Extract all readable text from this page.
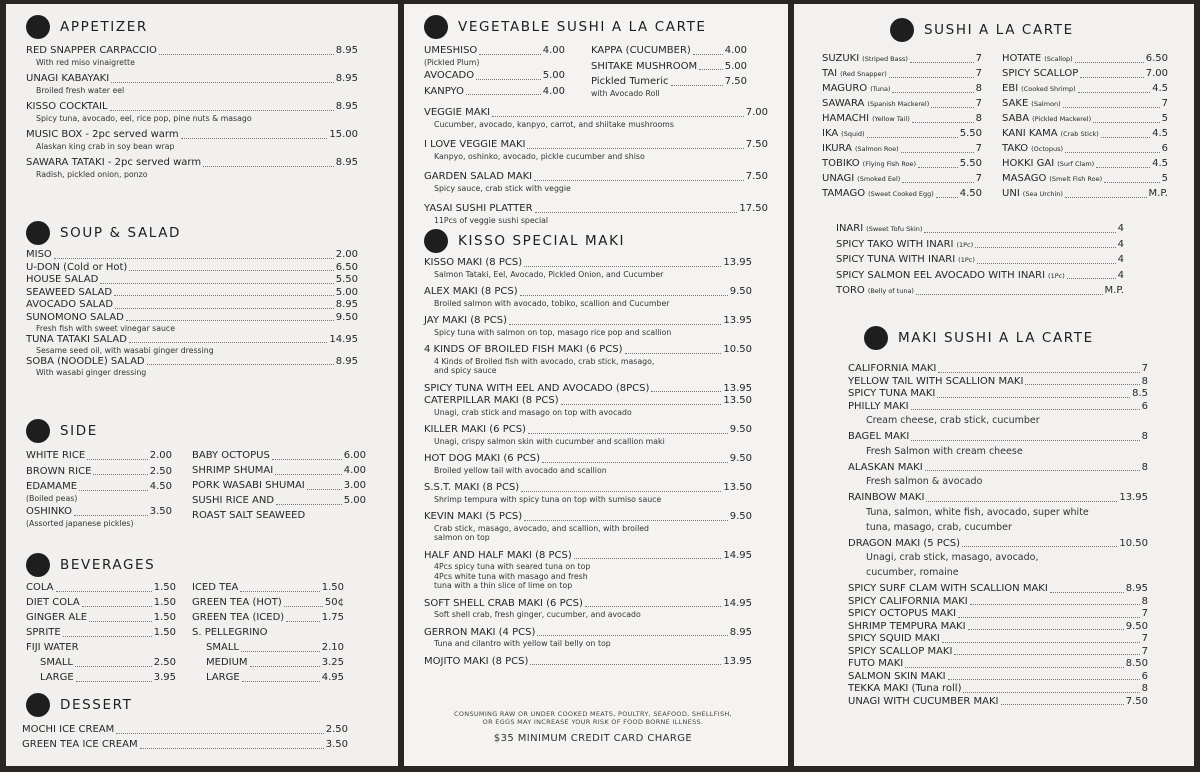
APPETIZER
RED SNAPPER CARPACCIO	8.95
With red miso vinaigrette
UNAGI KABAYAKI	8.95
Broiled fresh water eel
KISSO COCKTAIL	8.95
Spicy tuna, avocado, eel, rice pop, pine nuts & masago
MUSIC BOX - 2pc served warm	15.00
Alaskan king crab in soy bean wrap
SAWARA TATAKI - 2pc served warm	8.95
Radish, pickled onion, ponzo
SOUP & SALAD
MISO	2.00
U-DON (Cold or Hot)	6.50
HOUSE SALAD	5.50
SEAWEED SALAD	5.00
AVOCADO SALAD	8.95
SUNOMONO SALAD	9.50
Fresh fish with sweet vinegar sauce
TUNA TATAKI SALAD	14.95
Sesame seed oil, with wasabi ginger dressing
SOBA (NOODLE) SALAD	8.95
With wasabi ginger dressing
SIDE
WHITE RICE	2.00
BROWN RICE	2.50
EDAMAME	4.50
(Boiled peas)
OSHINKO	3.50
(Assorted japanese pickles)
BABY OCTOPUS	6.00
SHRIMP SHUMAI	4.00
PORK WASABI SHUMAI	3.00
SUSHI RICE AND	5.00
ROAST SALT SEAWEED
BEVERAGES
COLA	1.50
DIET COLA	1.50
GINGER ALE	1.50
SPRITE	1.50
FIJI WATER
SMALL	2.50
LARGE	3.95
ICED TEA	1.50
GREEN TEA (HOT)	50¢
GREEN TEA (ICED)	1.75
S. PELLEGRINO
SMALL	2.10
MEDIUM	3.25
LARGE	4.95
DESSERT
MOCHI ICE CREAM	2.50
GREEN TEA ICE CREAM	3.50
VEGETABLE SUSHI A LA CARTE
UMESHISO	4.00
(Pickled Plum)
AVOCADO	5.00
KANPYO	4.00
KAPPA (CUCUMBER)	4.00
SHITAKE MUSHROOM	5.00
Pickled Tumeric	7.50
with Avocado Roll
VEGGIE MAKI	7.00
Cucumber, avocado, kanpyo, carrot, and shiitake mushrooms
I LOVE VEGGIE MAKI	7.50
Kanpyo, oshinko, avocado, pickle cucumber and shiso
GARDEN SALAD MAKI	7.50
Spicy sauce, crab stick with veggie
YASAI SUSHI PLATTER	17.50
11Pcs of veggie sushi special
KISSO SPECIAL MAKI
KISSO MAKI (8 PCS)	13.95
Salmon Tataki, Eel, Avocado, Pickled Onion, and Cucumber
ALEX MAKI (8 PCS)	9.50
Broiled salmon with avocado, tobiko, scallion and Cucumber
JAY MAKI (8 PCS)	13.95
Spicy tuna with salmon on top, masago rice pop and scallion
4 KINDS OF BROILED FISH MAKI (6 PCS)	10.50
4 Kinds of Broiled fish with avocado, crab stick, masago,
and spicy sauce
SPICY TUNA WITH EEL AND AVOCADO (8PCS)	13.95
CATERPILLAR MAKI (8 PCS)	13.50
Unagi, crab stick and masago on top with avocado
KILLER MAKI (6 PCS)	9.50
Unagi, crispy salmon skin with cucumber and scallion maki
HOT DOG MAKI (6 PCS)	9.50
Broiled yellow tail with avocado and scallion
S.S.T. MAKI (8 PCS)	13.50
Shrimp tempura with spicy tuna on top with sumiso sauce
KEVIN MAKI (5 PCS)	9.50
Crab stick, masago, avocado, and scallion, with broiled
salmon on top
HALF AND HALF MAKI (8 PCS)	14.95
4Pcs spicy tuna with seared tuna on top
4Pcs white tuna with masago and fresh
tuna with a thin slice of lime on top
SOFT SHELL CRAB MAKI (6 PCS)	14.95
Soft shell crab, fresh ginger, cucumber, and avocado
GERRON MAKI (4 PCS)	8.95
Tuna and cilantro with yellow tail belly on top
MOJITO MAKI (8 PCS)	13.95
CONSUMING RAW OR UNDER COOKED MEATS, POULTRY, SEAFOOD, SHELLFISH,
OR EGGS MAY INCREASE YOUR RISK OF FOOD BORNE ILLNESS.
$35 MINIMUM CREDIT CARD CHARGE
SUSHI A LA CARTE
SUZUKI (Striped Bass)	7
TAI (Red Snapper)	7
MAGURO (Tuna)	8
SAWARA (Spanish Mackerel)	7
HAMACHI (Yellow Tail)	8
IKA (Squid)	5.50
IKURA (Salmon Roe)	7
TOBIKO (Flying Fish Roe)	5.50
UNAGI (Smoked Eel)	7
TAMAGO (Sweet Cooked Egg)	4.50
HOTATE (Scallop)	6.50
SPICY SCALLOP	7.00
EBI (Cooked Shrimp)	4.5
SAKE (Salmon)	7
SABA (Pickled Mackerel)	5
KANI KAMA (Crab Stick)	4.5
TAKO (Octopus)	6
HOKKI GAI (Surf Clam)	4.5
MASAGO (Smelt Fish Roe)	5
UNI (Sea Urchin)	M.P.
INARI (Sweet Tofu Skin)	4
SPICY TAKO WITH INARI (1Pc)	4
SPICY TUNA WITH INARI (1Pc)	4
SPICY SALMON EEL AVOCADO WITH INARI (1Pc)	4
TORO (Belly of tuna)	M.P.
MAKI SUSHI A LA CARTE
CALIFORNIA MAKI	7
YELLOW TAIL WITH SCALLION MAKI	8
SPICY TUNA MAKI	8.5
PHILLY MAKI	6
Cream cheese, crab stick, cucumber
BAGEL MAKI	8
Fresh Salmon with cream cheese
ALASKAN MAKI	8
Fresh salmon & avocado
RAINBOW MAKI	13.95
Tuna, salmon, white fish, avocado, super white
tuna, masago, crab, cucumber
DRAGON MAKI (5 PCS)	10.50
Unagi, crab stick, masago, avocado,
cucumber, romaine
SPICY SURF CLAM WITH SCALLION MAKI	8.95
SPICY CALIFORNIA MAKI	8
SPICY OCTOPUS MAKI	7
SHRIMP TEMPURA MAKI	9.50
SPICY SQUID MAKI	7
SPICY SCALLOP MAKI	7
FUTO MAKI	8.50
SALMON SKIN MAKI	6
TEKKA MAKI (Tuna roll)	8
UNAGI WITH CUCUMBER MAKI	7.50
